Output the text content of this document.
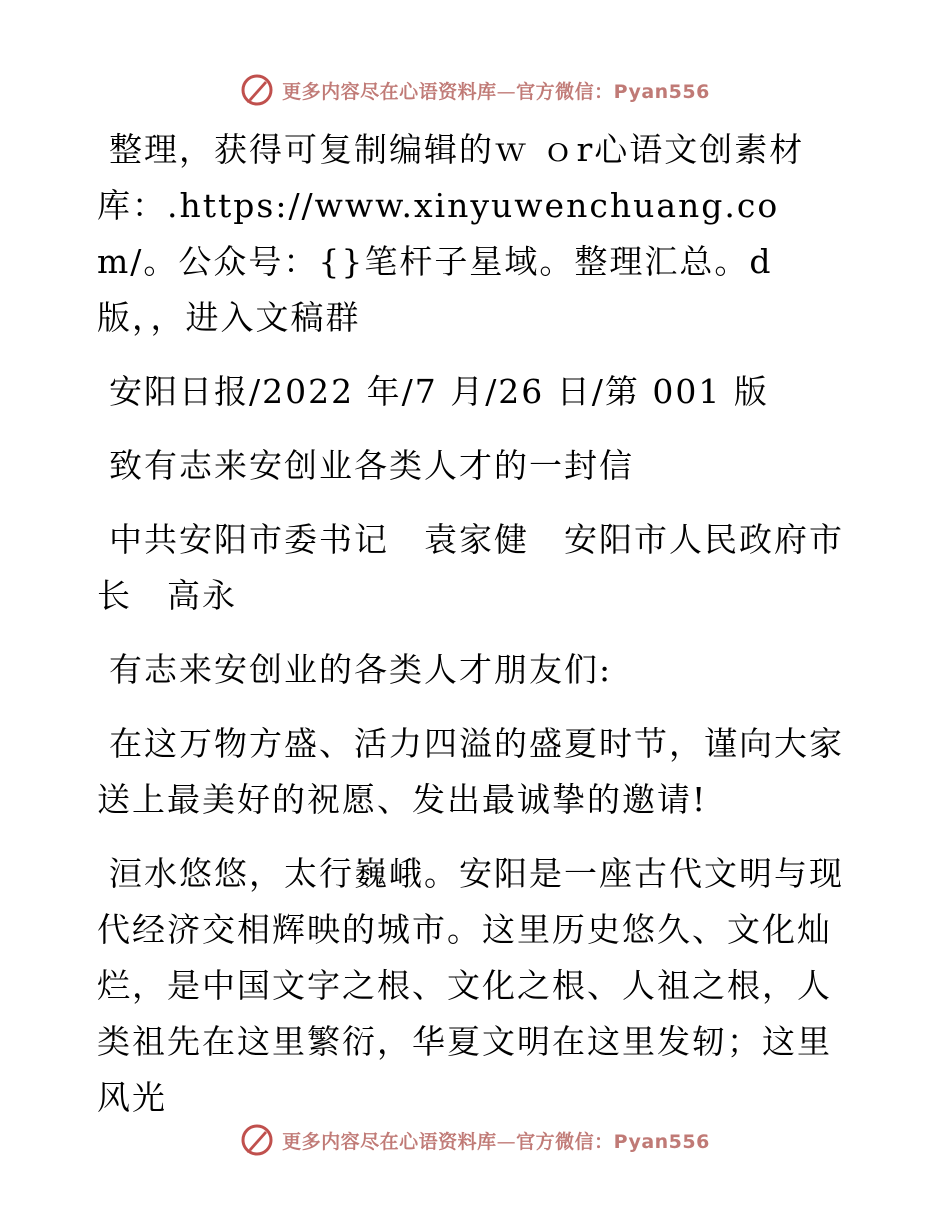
更多内容尽在心语资料库—官方微信：Pyan556

整理，获得可复制编辑的ｗ ｏr心语文创素材库：.https://www.xinyuwenchuang.com/。公众号：{}笔杆子星域。整理汇总。d版，，进入文稿群

安阳日报/2022 年/7 月/26 日/第 001 版

致有志来安创业各类人才的一封信

中共安阳市委书记　袁家健　安阳市人民政府市长　高永

有志来安创业的各类人才朋友们:

在这万物方盛、活力四溢的盛夏时节，谨向大家送上最美好的祝愿、发出最诚挚的邀请!

洹水悠悠，太行巍峨。安阳是一座古代文明与现代经济交相辉映的城市。这里历史悠久、文化灿烂，是中国文字之根、文化之根、人祖之根，人类祖先在这里繁衍，华夏文明在这里发轫；这里风光

更多内容尽在心语资料库—官方微信：Pyan556
